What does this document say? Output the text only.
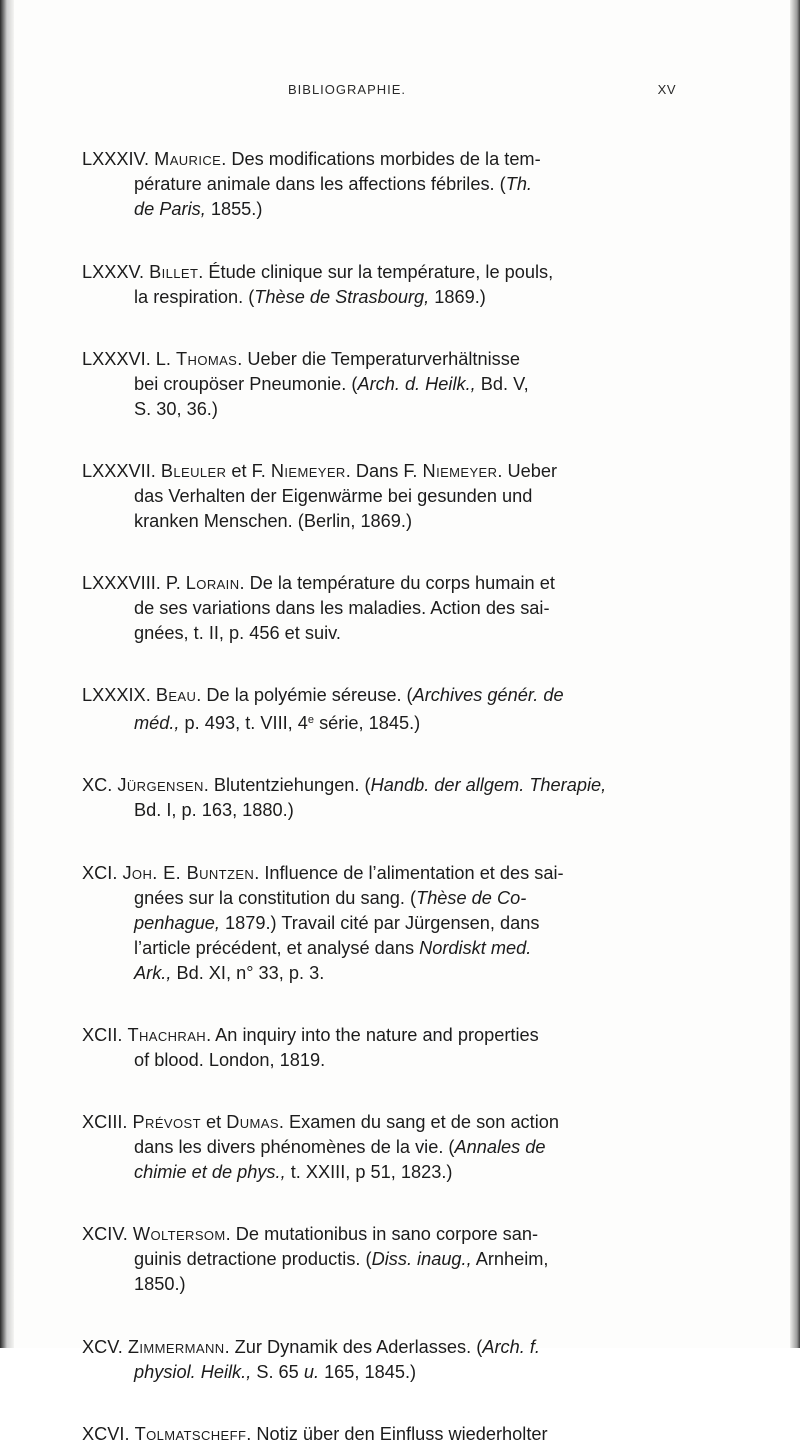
BIBLIOGRAPHIE.	XV

LXXXIV. Maurice. Des modifications morbides de la tem-
pérature animale dans les affections fébriles. (Th.
de Paris, 1855.)

LXXXV. Billet. Étude clinique sur la température, le pouls,
la respiration. (Thèse de Strasbourg, 1869.)

LXXXVI. L. Thomas. Ueber die Temperaturverhältnisse
bei croupöser Pneumonie. (Arch. d. Heilk., Bd. V,
S. 30, 36.)

LXXXVII. Bleuler et F. Niemeyer. Dans F. Niemeyer. Ueber
das Verhalten der Eigenwärme bei gesunden und
kranken Menschen. (Berlin, 1869.)

LXXXVIII. P. Lorain. De la température du corps humain et
de ses variations dans les maladies. Action des sai-
gnées, t. II, p. 456 et suiv.

LXXXIX. Beau. De la polyémie séreuse. (Archives génér. de
méd., p. 493, t. VIII, 4e série, 1845.)

XC. Jürgensen. Blutentziehungen. (Handb. der allgem. Therapie,
Bd. I, p. 163, 1880.)

XCI. Joh. E. Buntzen. Influence de l’alimentation et des sai-
gnées sur la constitution du sang. (Thèse de Co-
penhague, 1879.) Travail cité par Jürgensen, dans
l’article précédent, et analysé dans Nordiskt med.
Ark., Bd. XI, n° 33, p. 3.

XCII. Thachrah. An inquiry into the nature and properties
of blood. London, 1819.

XCIII. Prévost et Dumas. Examen du sang et de son action
dans les divers phénomènes de la vie. (Annales de
chimie et de phys., t. XXIII, p 51, 1823.)

XCIV. Woltersom. De mutationibus in sano corpore san-
guinis detractione productis. (Diss. inaug., Arnheim,
1850.)

XCV. Zimmermann. Zur Dynamik des Aderlasses. (Arch. f.
physiol. Heilk., S. 65 u. 165, 1845.)

XCVI. Tolmatscheff. Notiz über den Einfluss wiederholter
